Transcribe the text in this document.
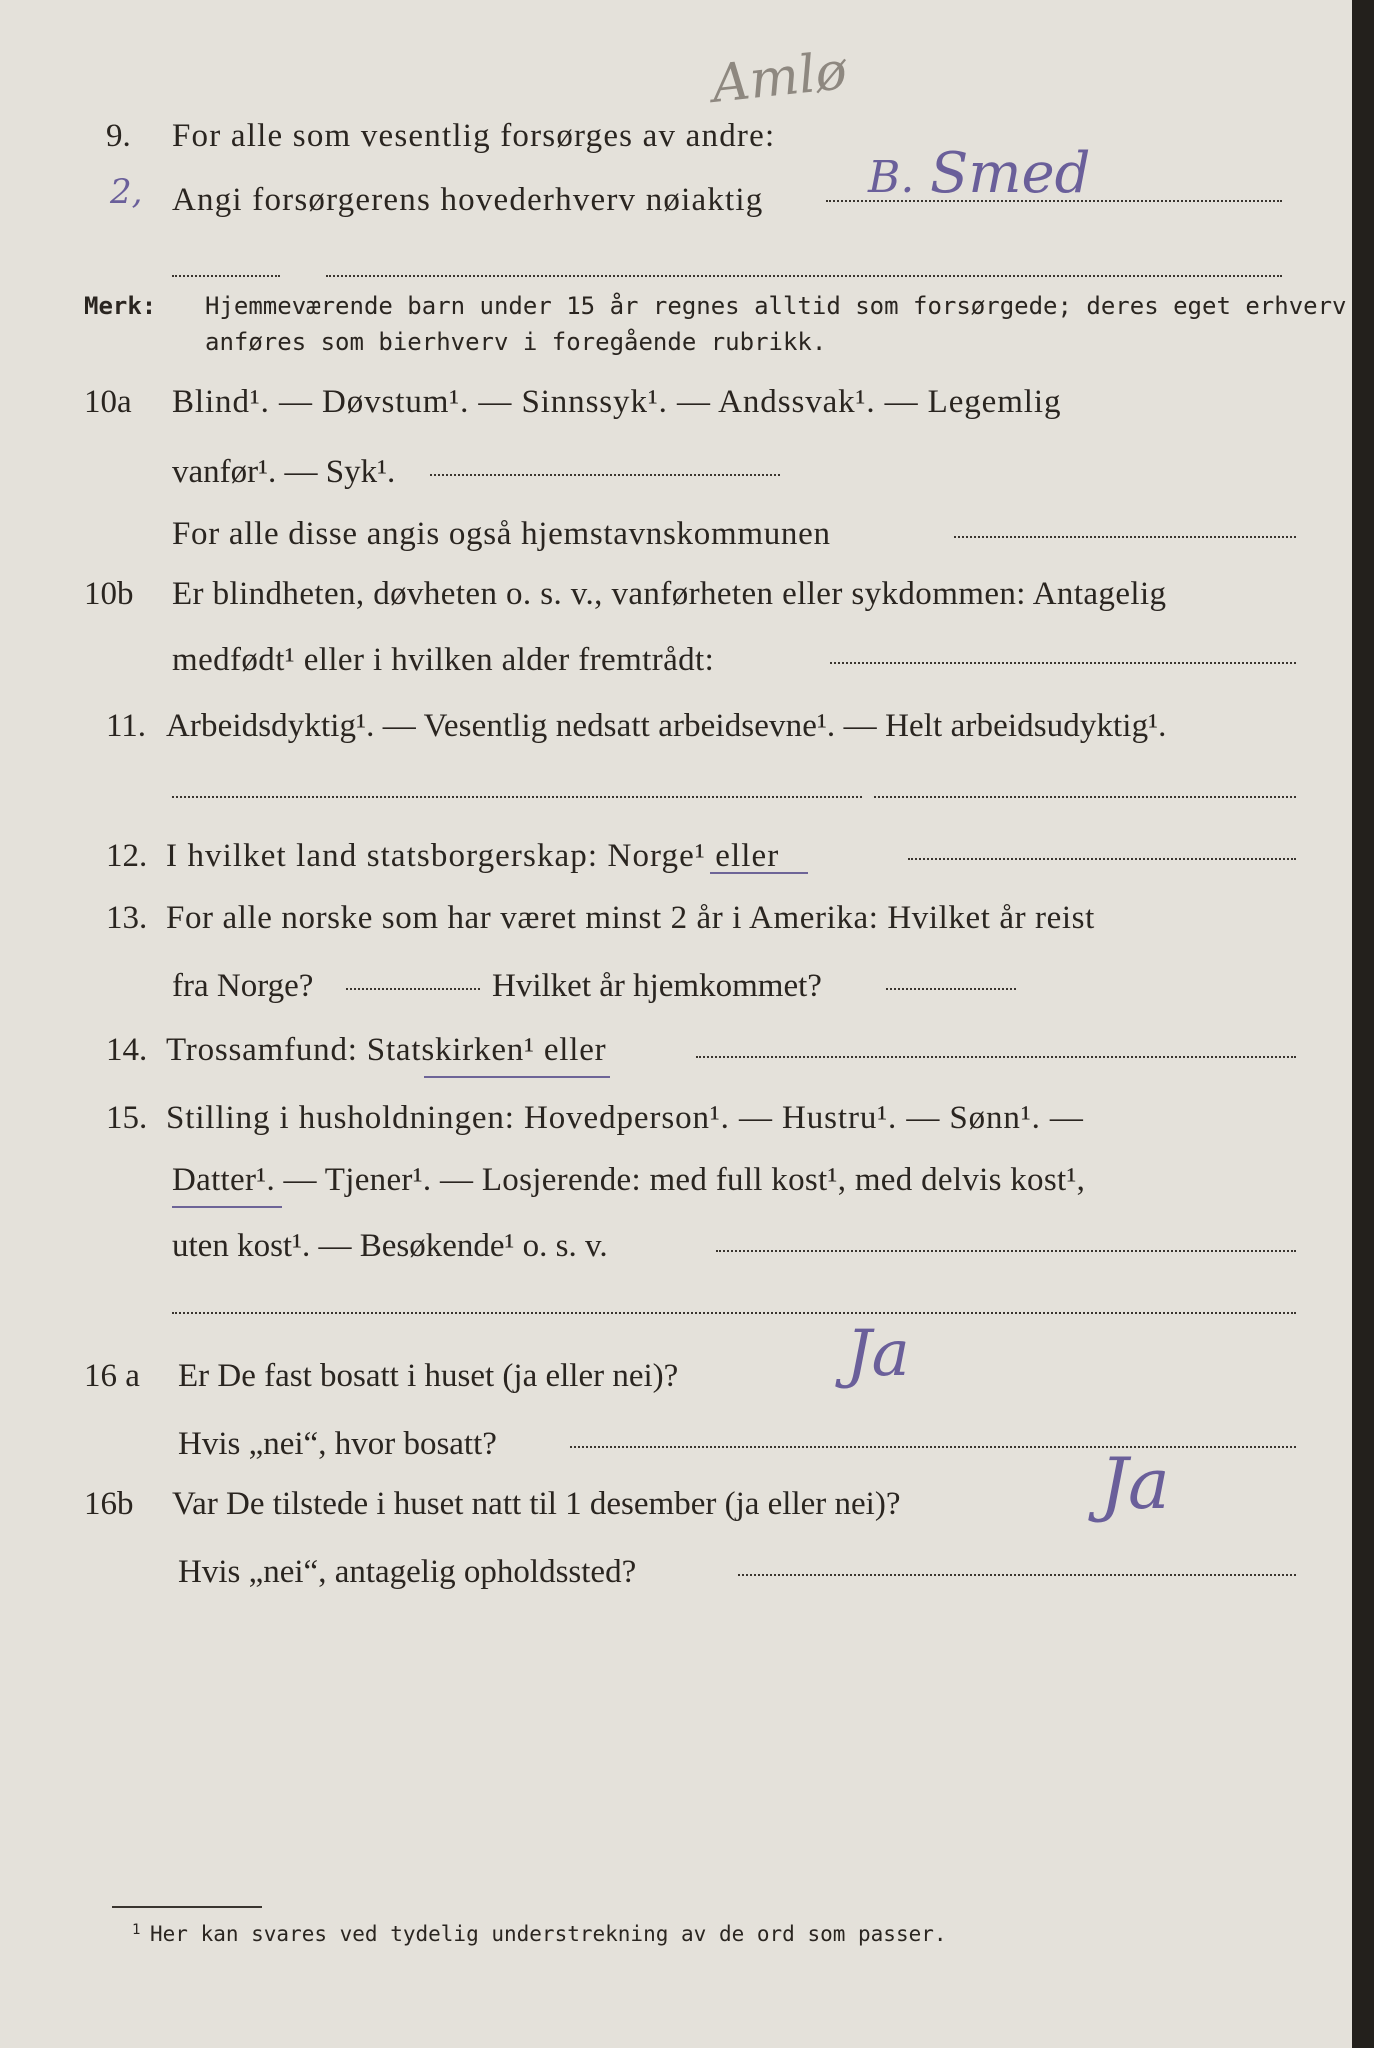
Amlø
9. For alle som vesentlig forsørges av andre:
2, Angi forsørgerens hovederhverv nøiaktig B. Smed
Merk: Hjemmeværende barn under 15 år regnes alltid som forsørgede; deres eget erhverv
anføres som bierhverv i foregående rubrikk.
10a Blind¹. — Døvstum¹. — Sinnssyk¹. — Andssvak¹. — Legemlig
vanfør¹. — Syk¹.
For alle disse angis også hjemstavnskommunen
10b Er blindheten, døvheten o. s. v., vanførheten eller sykdommen: Antagelig
medfødt¹ eller i hvilken alder fremtrådt:
11. Arbeidsdyktig¹. — Vesentlig nedsatt arbeidsevne¹. — Helt arbeidsudyktig¹.
12. I hvilket land statsborgerskap: Norge¹ eller
13. For alle norske som har været minst 2 år i Amerika: Hvilket år reist
fra Norge?	Hvilket år hjemkommet?
14. Trossamfund: Statskirken¹ eller
15. Stilling i husholdningen: Hovedperson¹. — Hustru¹. — Sønn¹. —
Datter¹. — Tjener¹. — Losjerende: med full kost¹, med delvis kost¹,
uten kost¹. — Besøkende¹ o. s. v.
16 a Er De fast bosatt i huset (ja eller nei)?	Ja
Hvis „nei“, hvor bosatt?
16b Var De tilstede i huset natt til 1 desember (ja eller nei)?	Ja
Hvis „nei“, antagelig opholdssted?
1 Her kan svares ved tydelig understrekning av de ord som passer.
